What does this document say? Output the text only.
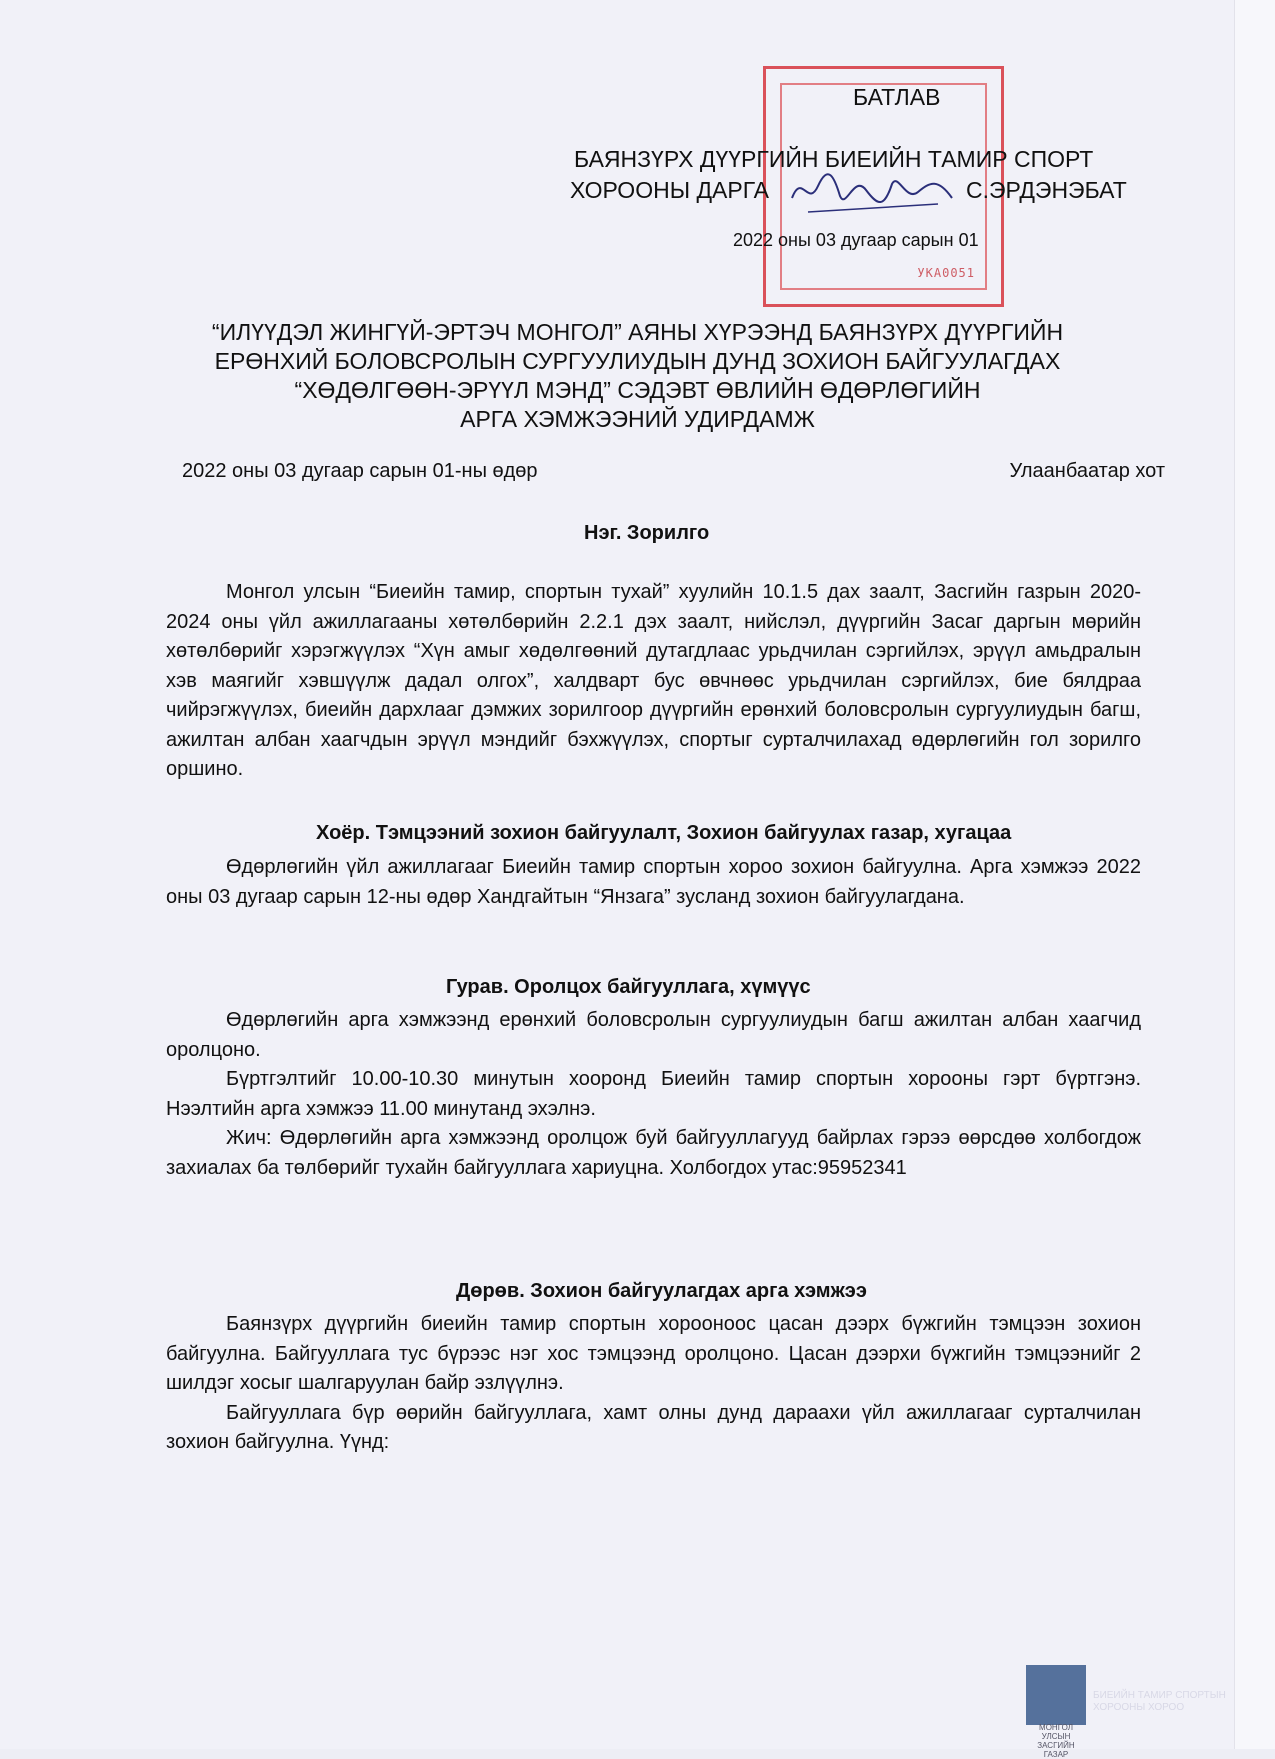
УКА0051
БАТЛАВ
БАЯНЗҮРХ ДҮҮРГИЙН БИЕИЙН ТАМИР СПОРТ
ХОРООНЫ ДАРГА	С.ЭРДЭНЭБАТ
2022 оны 03 дугаар сарын 01
“ИЛҮҮДЭЛ ЖИНГҮЙ-ЭРТЭЧ МОНГОЛ” АЯНЫ ХҮРЭЭНД БАЯНЗҮРХ ДҮҮРГИЙН
ЕРӨНХИЙ БОЛОВСРОЛЫН СУРГУУЛИУДЫН ДУНД ЗОХИОН БАЙГУУЛАГДАХ
“ХӨДӨЛГӨӨН-ЭРҮҮЛ МЭНД” СЭДЭВТ ӨВЛИЙН ӨДӨРЛӨГИЙН
АРГА ХЭМЖЭЭНИЙ УДИРДАМЖ
2022 оны 03 дугаар сарын 01-ны өдөр	Улаанбаатар хот
Нэг. Зорилго

Монгол улсын “Биеийн тамир, спортын тухай” хуулийн 10.1.5 дах заалт, Засгийн газрын 2020-2024 оны үйл ажиллагааны хөтөлбөрийн 2.2.1 дэх заалт, нийслэл, дүүргийн Засаг даргын мөрийн хөтөлбөрийг хэрэгжүүлэх “Хүн амыг хөдөлгөөний дутагдлаас урьдчилан сэргийлэх, эрүүл амьдралын хэв маягийг хэвшүүлж дадал олгох”, халдварт бус өвчнөөс урьдчилан сэргийлэх, бие бялдраа чийрэгжүүлэх, биеийн дархлааг дэмжих зорилгоор дүүргийн ерөнхий боловсролын сургуулиудын багш, ажилтан албан хаагчдын эрүүл мэндийг бэхжүүлэх, спортыг сурталчилахад өдөрлөгийн гол зорилго оршино.

Хоёр. Тэмцээний зохион байгуулалт, Зохион байгуулах газар, хугацаа

Өдөрлөгийн үйл ажиллагааг Биеийн тамир спортын хороо зохион байгуулна. Арга хэмжээ 2022 оны 03 дугаар сарын 12-ны өдөр Хандгайтын “Янзага” зусланд зохион байгуулагдана.

Гурав. Оролцох байгууллага, хүмүүс

Өдөрлөгийн арга хэмжээнд ерөнхий боловсролын сургуулиудын багш ажилтан албан хаагчид оролцоно.

Бүртгэлтийг 10.00-10.30 минутын хооронд Биеийн тамир спортын хорооны гэрт бүртгэнэ. Нээлтийн арга хэмжээ 11.00 минутанд эхэлнэ.

Жич: Өдөрлөгийн арга хэмжээнд оролцож буй байгууллагууд байрлах гэрээ өөрсдөө холбогдож захиалах ба төлбөрийг тухайн байгууллага хариуцна. Холбогдох утас:95952341

Дөрөв. Зохион байгуулагдах арга хэмжээ

Баянзүрх дүүргийн биеийн тамир спортын хорооноос цасан дээрх бүжгийн тэмцээн зохион байгуулна. Байгууллага тус бүрээс нэг хос тэмцээнд оролцоно. Цасан дээрхи бүжгийн тэмцээнийг 2 шилдэг хосыг шалгаруулан байр эзлүүлнэ.

Байгууллага бүр өөрийн байгууллага, хамт олны дунд дараахи үйл ажиллагааг сурталчилан зохион байгуулна. Үүнд:

МОНГОЛ УЛСЫН ЗАСГИЙН ГАЗАР
БИЕИЙН ТАМИР СПОРТЫН ХОРООНЫ ХОРОО
